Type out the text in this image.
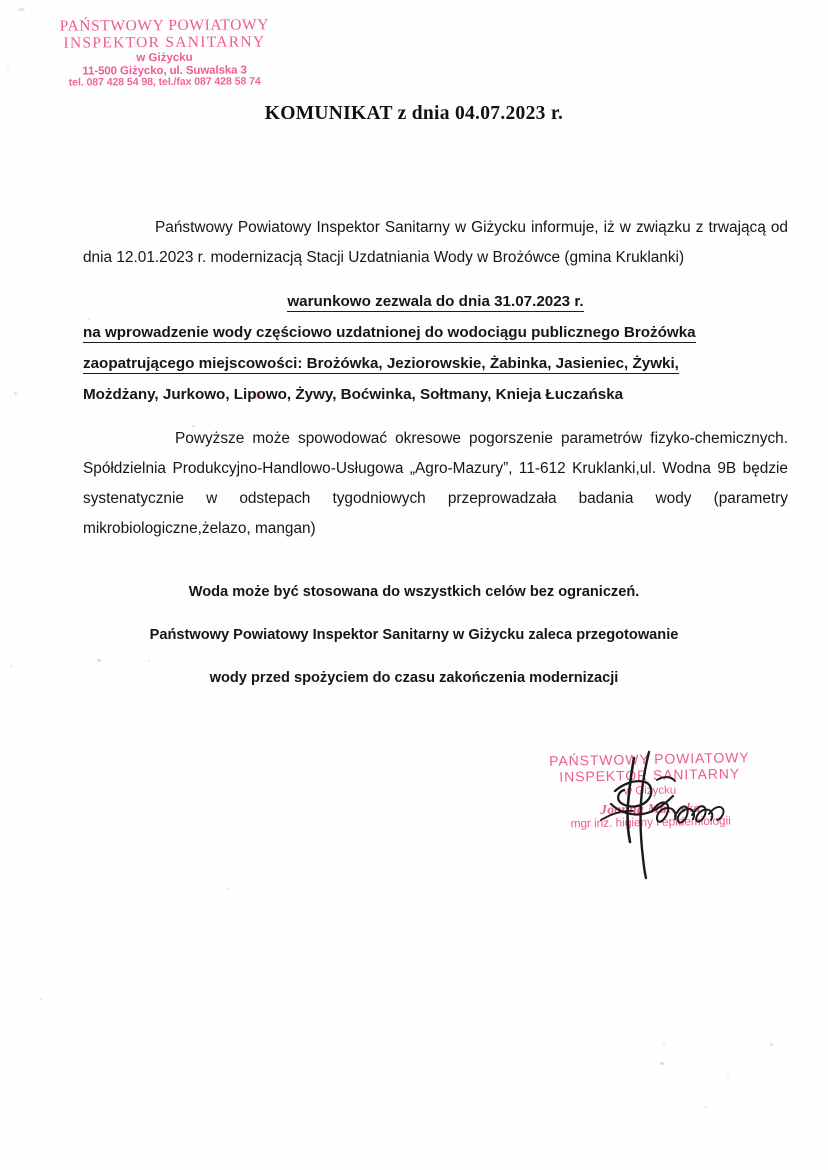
PAŃSTWOWY POWIATOWY
INSPEKTOR SANITARNY
w Giżycku
11-500 Giżycko, ul. Suwalska 3
tel. 087 428 54 98, tel./fax 087 428 58 74
KOMUNIKAT z dnia 04.07.2023 r.

Państwowy Powiatowy Inspektor Sanitarny w Giżycku informuje, iż w związku z trwającą od dnia 12.01.2023 r. modernizacją Stacji Uzdatniania Wody w Brożówce (gmina Kruklanki)

warunkowo zezwala do dnia 31.07.2023 r.
na wprowadzenie wody częściowo uzdatnionej do wodociągu publicznego Brożówka
zaopatrującego miejscowości: Brożówka, Jeziorowskie, Żabinka, Jasieniec, Żywki,
Możdżany, Jurkowo, Lipowo, Żywy, Boćwinka, Sołtmany, Knieja Łuczańska

Powyższe może spowodować okresowe pogorszenie parametrów fizyko-chemicznych. Spółdzielnia Produkcyjno-Handlowo-Usługowa „Agro-Mazury”, 11-612 Kruklanki,ul. Wodna 9B będzie systenatycznie w odstepach tygodniowych przeprowadzała badania wody (parametry mikrobiologiczne,żelazo, mangan)

Woda może być stosowana do wszystkich celów bez ograniczeń.
Państwowy Powiatowy Inspektor Sanitarny w Giżycku zaleca przegotowanie
wody przed spożyciem do czasu zakończenia modernizacji
PAŃSTWOWY POWIATOWY
INSPEKTOR SANITARNY
w Giżycku
Joanna Ma…ska
mgr inż. higieny i epidemiologii
